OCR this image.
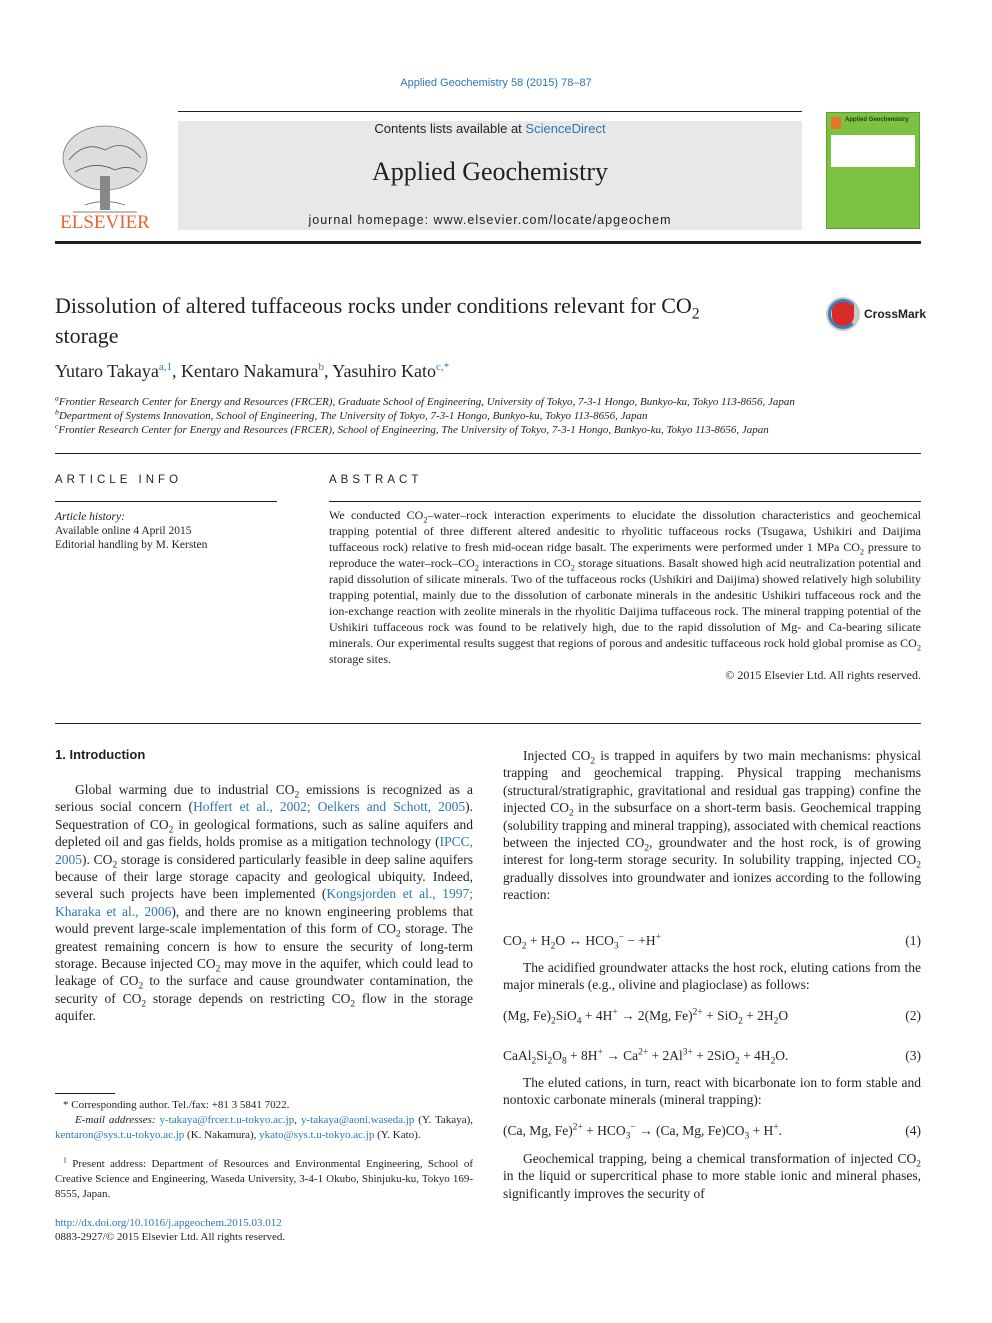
Applied Geochemistry 58 (2015) 78–87
ELSEVIER
Contents lists available at ScienceDirect
Applied Geochemistry
journal homepage: www.elsevier.com/locate/apgeochem
Applied Geochemistry
Dissolution of altered tuffaceous rocks under conditions relevant for $CO_2$
storage
CrossMark
Yutaro Takaya$^{a,1}$, Kentaro Nakamura$^b$, Yasuhiro Kato$^{c,*}$
$^a$Frontier Research Center for Energy and Resources (FRCER), Graduate School of Engineering, University of Tokyo, 7-3-1 Hongo, Bunkyo-ku, Tokyo 113-8656, Japan
$^b$Department of Systems Innovation, School of Engineering, The University of Tokyo, 7-3-1 Hongo, Bunkyo-ku, Tokyo 113-8656, Japan
$^c$Frontier Research Center for Energy and Resources (FRCER), School of Engineering, The University of Tokyo, 7-3-1 Hongo, Bunkyo-ku, Tokyo 113-8656, Japan
ARTICLE INFO
Article history:
Available online 4 April 2015
Editorial handling by M. Kersten
ABSTRACT
We conducted $CO_2-water$–rock interaction experiments to elucidate the dissolution characteristics and geochemical trapping potential of three different altered andesitic to rhyolitic tuffaceous rocks (Tsugawa, Ushikiri and Daijima tuffaceous rock) relative to fresh mid-ocean ridge basalt. The experiments were performed under 1 MPa $CO_2$ pressure to reproduce the water–$rock-CO_2$ interactions in $CO_2$ storage situations. Basalt showed high acid neutralization potential and rapid dissolution of silicate minerals. Two of the tuffaceous rocks (Ushikiri and Daijima) showed relatively high solubility trapping potential, mainly due to the dissolution of carbonate minerals in the andesitic Ushikiri tuffaceous rock and the ion-exchange reaction with zeolite minerals in the rhyolitic Daijima tuffaceous rock. The mineral trapping potential of the Ushikiri tuffaceous rock was found to be relatively high, due to the rapid dissolution of Mg- and Ca-bearing silicate minerals. Our experimental results suggest that regions of porous and andesitic tuffaceous rock hold global promise as $CO_2$ storage sites.
© 2015 Elsevier Ltd. All rights reserved.
1. Introduction
Global warming due to industrial $CO_2$ emissions is recognized as a serious social concern (Hoffert et al., 2002; Oelkers and Schott, 2005). Sequestration of $CO_2$ in geological formations, such as saline aquifers and depleted oil and gas fields, holds promise as a mitigation technology (IPCC, 2005). $CO_2$ storage is considered particularly feasible in deep saline aquifers because of their large storage capacity and geological ubiquity. Indeed, several such projects have been implemented (Kongsjorden et al., 1997; Kharaka et al., 2006), and there are no known engineering problems that would prevent large-scale implementation of this form of $CO_2$ storage. The greatest remaining concern is how to ensure the security of long-term storage. Because injected $CO_2$ may move in the aquifer, which could lead to leakage of $CO_2$ to the surface and cause groundwater contamination, the security of $CO_2$ storage depends on restricting $CO_2$ flow in the storage aquifer.
* Corresponding author. Tel./fax: +81 3 5841 7022.
E-mail addresses: y-takaya@frcer.t.u-tokyo.ac.jp, y-takaya@aoni.waseda.jp (Y. Takaya), kentaron@sys.t.u-tokyo.ac.jp (K. Nakamura), ykato@sys.t.u-tokyo.ac.jp (Y. Kato).
$^1$ Present address: Department of Resources and Environmental Engineering, School of Creative Science and Engineering, Waseda University, 3-4-1 Okubo, Shinjuku-ku, Tokyo 169-8555, Japan.
http://dx.doi.org/10.1016/j.apgeochem.2015.03.012
0883-2927/© 2015 Elsevier Ltd. All rights reserved.
Injected $CO_2$ is trapped in aquifers by two main mechanisms: physical trapping and geochemical trapping. Physical trapping mechanisms (structural/stratigraphic, gravitational and residual gas trapping) confine the injected $CO_2$ in the subsurface on a short-term basis. Geochemical trapping (solubility trapping and mineral trapping), associated with chemical reactions between the injected $CO_2$, groundwater and the host rock, is of growing interest for long-term storage security. In solubility trapping, injected $CO_2$ gradually dissolves into groundwater and ionizes according to the following reaction:
$CO_2 + H_2O$ ↔ $HCO_3^- - +H^+$	(1)
The acidified groundwater attacks the host rock, eluting cations from the major minerals (e.g., olivine and plagioclase) as follows:
(Mg, $Fe)_2SiO_4 + 4H^+ \to 2(Mg$, $Fe)^{2+} + SiO_2 + 2H_2O$	(2)
$CaAl_2Si_2O_8 + 8H^+ \to Ca^{2+} + 2Al^{3+} + 2SiO_2 + 4H_2O$.	(3)
The eluted cations, in turn, react with bicarbonate ion to form stable and nontoxic carbonate minerals (mineral trapping):
(Ca, Mg, $Fe)^{2+} + HCO_3^- \to (Ca$, Mg, $Fe)CO_3 + H^+$.	(4)
Geochemical trapping, being a chemical transformation of injected $CO_2$ in the liquid or supercritical phase to more stable ionic and mineral phases, significantly improves the security of
